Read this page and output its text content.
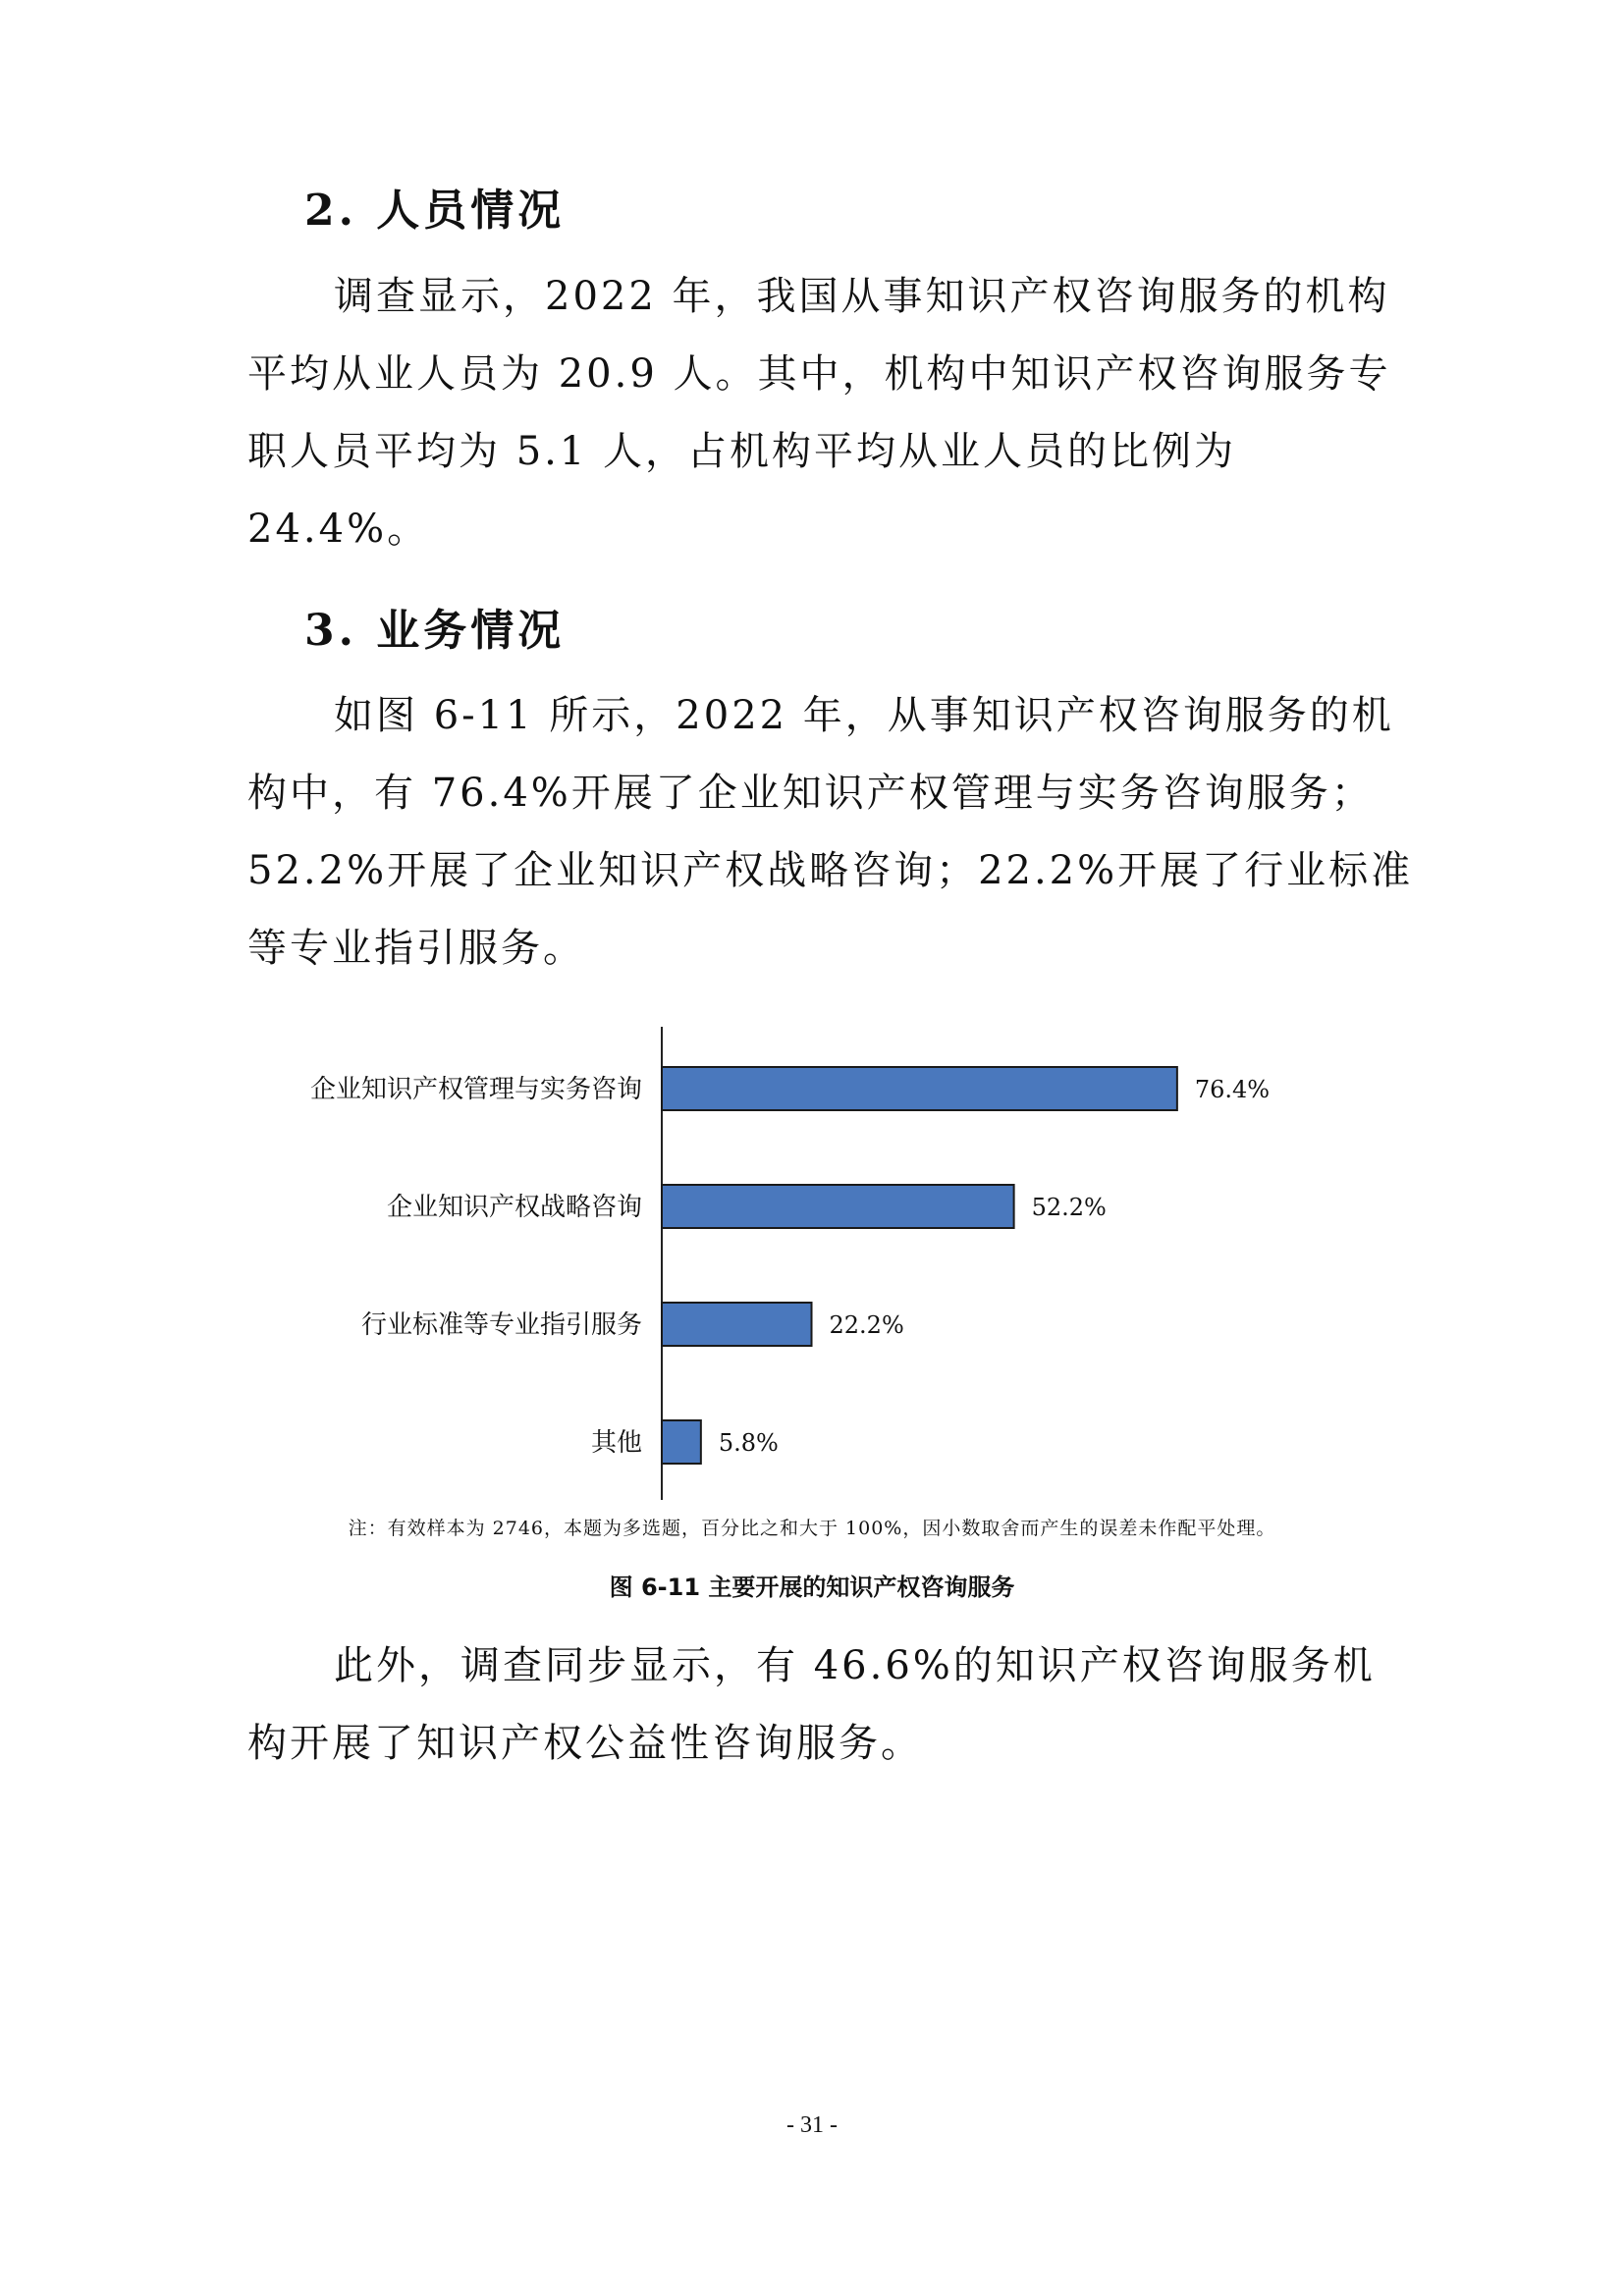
2. 人员情况

调查显示，2022 年，我国从事知识产权咨询服务的机构平均从业人员为 20.9 人。其中，机构中知识产权咨询服务专职人员平均为 5.1 人，占机构平均从业人员的比例为 24.4%。

3. 业务情况

如图 6-11 所示，2022 年，从事知识产权咨询服务的机构中，有 76.4%开展了企业知识产权管理与实务咨询服务；52.2%开展了企业知识产权战略咨询；22.2%开展了行业标准等专业指引服务。

企业知识产权管理与实务咨询	76.4%
企业知识产权战略咨询	52.2%
行业标准等专业指引服务	22.2%
其他	5.8%
注：有效样本为 2746，本题为多选题，百分比之和大于 100%，因小数取舍而产生的误差未作配平处理。
图 6-11 主要开展的知识产权咨询服务

此外，调查同步显示，有 46.6%的知识产权咨询服务机构开展了知识产权公益性咨询服务。

- 31 -
